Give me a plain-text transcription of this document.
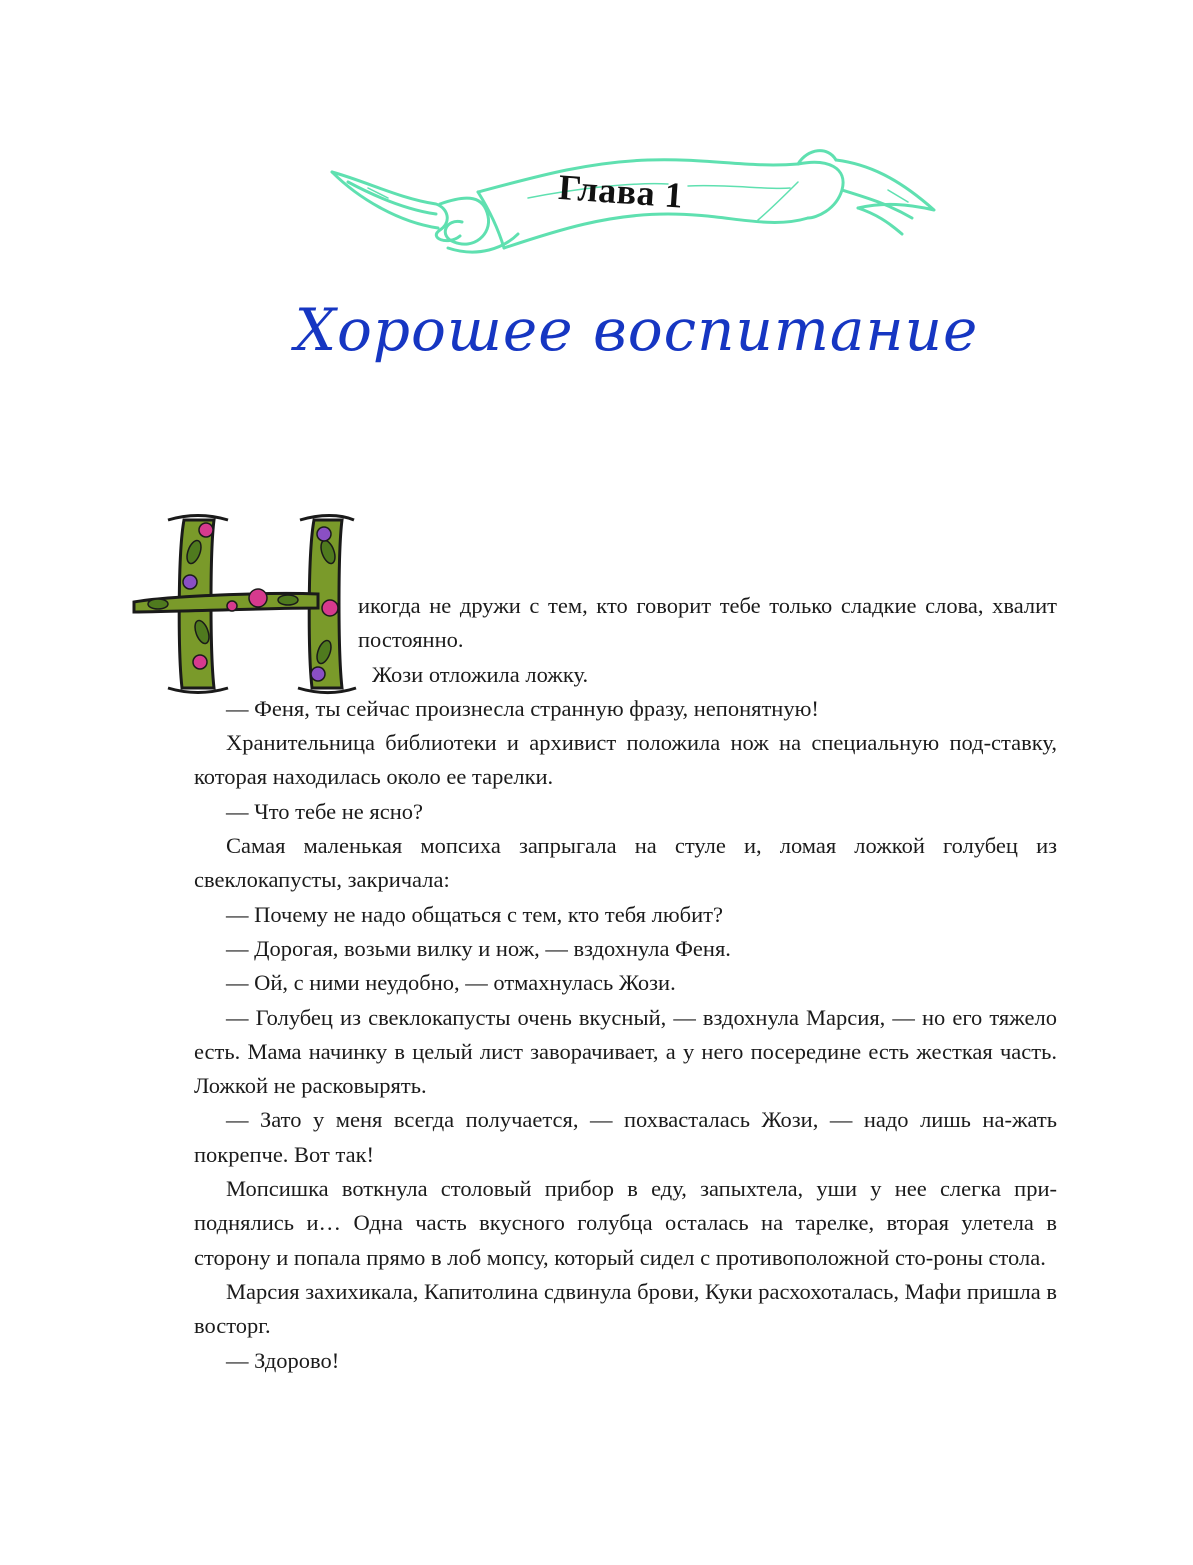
Глава 1
Хорошее воспитание

икогда не дружи с тем, кто говорит тебе только сладкие слова, хвалит постоянно.

Жози отложила ложку.

— Феня, ты сейчас произнесла странную фразу, непонятную!

Хранительница библиотеки и архивист положила нож на специальную под-ставку, которая находилась около ее тарелки.

— Что тебе не ясно?

Самая маленькая мопсиха запрыгала на стуле и, ломая ложкой голубец из свеклокапусты, закричала:

— Почему не надо общаться с тем, кто тебя любит?

— Дорогая, возьми вилку и нож, — вздохнула Феня.

— Ой, с ними неудобно, — отмахнулась Жози.

— Голубец из свеклокапусты очень вкусный, — вздохнула Марсия, — но его тяжело есть. Мама начинку в целый лист заворачивает, а у него посередине есть жесткая часть. Ложкой не расковырять.

— Зато у меня всегда получается, — похвасталась Жози, — надо лишь на-жать покрепче. Вот так!

Мопсишка воткнула столовый прибор в еду, запыхтела, уши у нее слегка при-поднялись и… Одна часть вкусного голубца осталась на тарелке, вторая улетела в сторону и попала прямо в лоб мопсу, который сидел с противоположной сто-роны стола.

Марсия захихикала, Капитолина сдвинула брови, Куки расхохоталась, Мафи пришла в восторг.

— Здорово!
